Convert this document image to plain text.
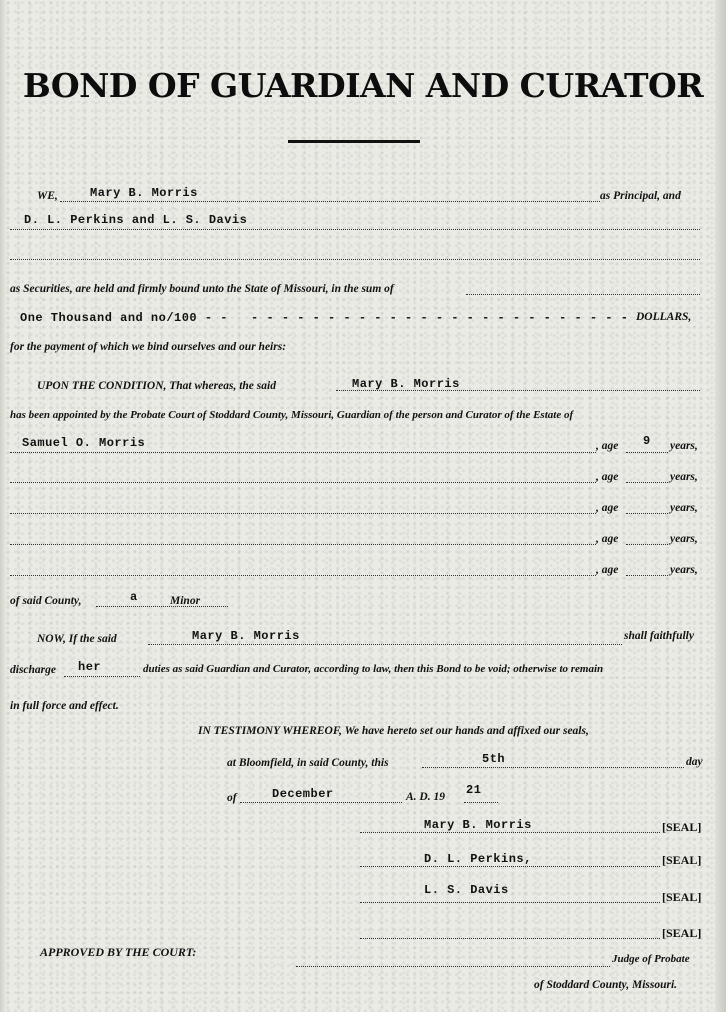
BOND OF GUARDIAN AND CURATOR
WE,	Mary B. Morris	as Principal, and
D. L. Perkins and L. S. Davis
as Securities, are held and firmly bound unto the State of Missouri, in the sum of
One Thousand and no/100 - -   - - - - - - - - - - - - - - - - - - - - - - - - - DOLLARS,
for the payment of which we bind ourselves and our heirs:
UPON THE CONDITION, That whereas, the said	Mary B. Morris
has been appointed by the Probate Court of Stoddard County, Missouri, Guardian of the person and Curator of the Estate of
Samuel O. Morris	, age 9 years,
, age	years,
, age	years,
, age	years,
, age	years,
of said County,	a	Minor
NOW, If the said	Mary B. Morris	shall faithfully
discharge her	duties as said Guardian and Curator, according to law, then this Bond to be void; otherwise to remain
in full force and effect.
IN TESTIMONY WHEREOF, We have hereto set our hands and affixed our seals,
at Bloomfield, in said County, this	5th	day
of	December	A. D. 19 21
Mary B. Morris	[SEAL]
D. L. Perkins,	[SEAL]
L. S. Davis	[SEAL]
[SEAL]
APPROVED BY THE COURT:	Judge of Probate
of Stoddard County, Missouri.
